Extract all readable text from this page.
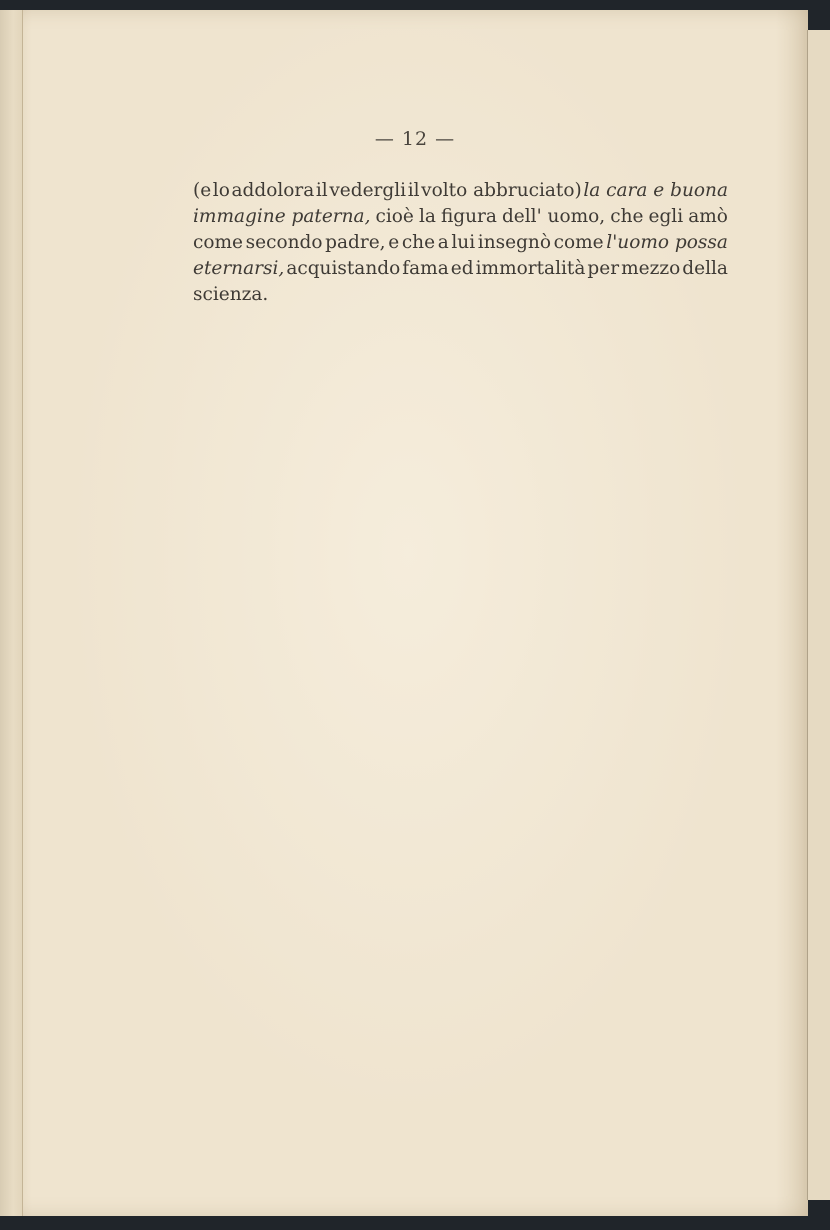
— 12 —
(e lo addolora il vedergli il volto abbruciato) la cara e buona
immagine paterna, cioè la figura dell' uomo, che egli amò
come secondo padre, e che a lui insegnò come l'uomo possa
eternarsi, acquistando fama ed immortalità per mezzo della
scienza.
